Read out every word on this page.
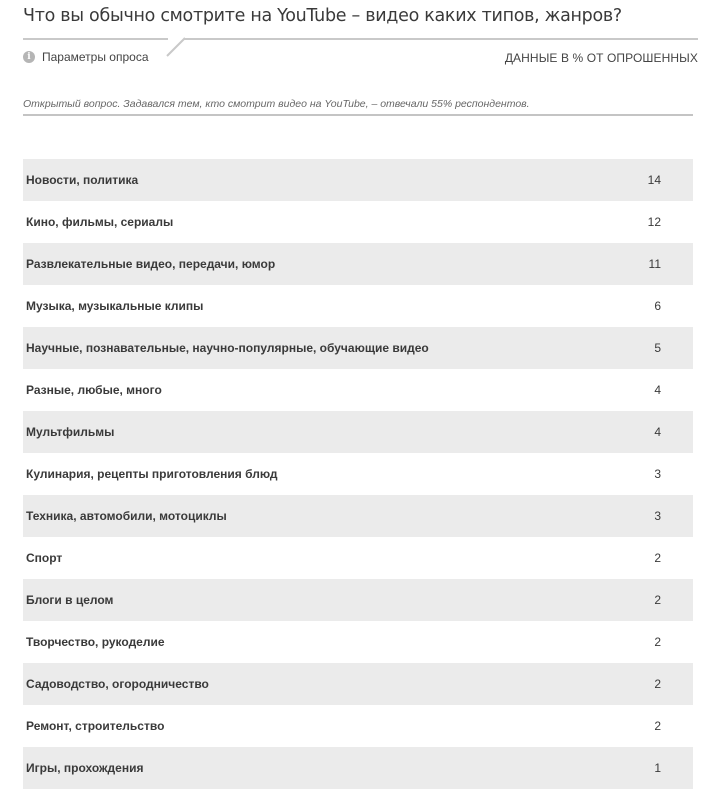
Что вы обычно смотрите на YouTube – видео каких типов, жанров?
i Параметры опроса	ДАННЫЕ В % ОТ ОПРОШЕННЫХ
Открытый вопрос. Задавался тем, кто смотрит видео на YouTube, – отвечали 55% респондентов.
Новости, политика	14
Кино, фильмы, сериалы	12
Развлекательные видео, передачи, юмор	11
Музыка, музыкальные клипы	6
Научные, познавательные, научно-популярные, обучающие видео	5
Разные, любые, много	4
Мультфильмы	4
Кулинария, рецепты приготовления блюд	3
Техника, автомобили, мотоциклы	3
Спорт	2
Блоги в целом	2
Творчество, рукоделие	2
Садоводство, огородничество	2
Ремонт, строительство	2
Игры, прохождения	1
